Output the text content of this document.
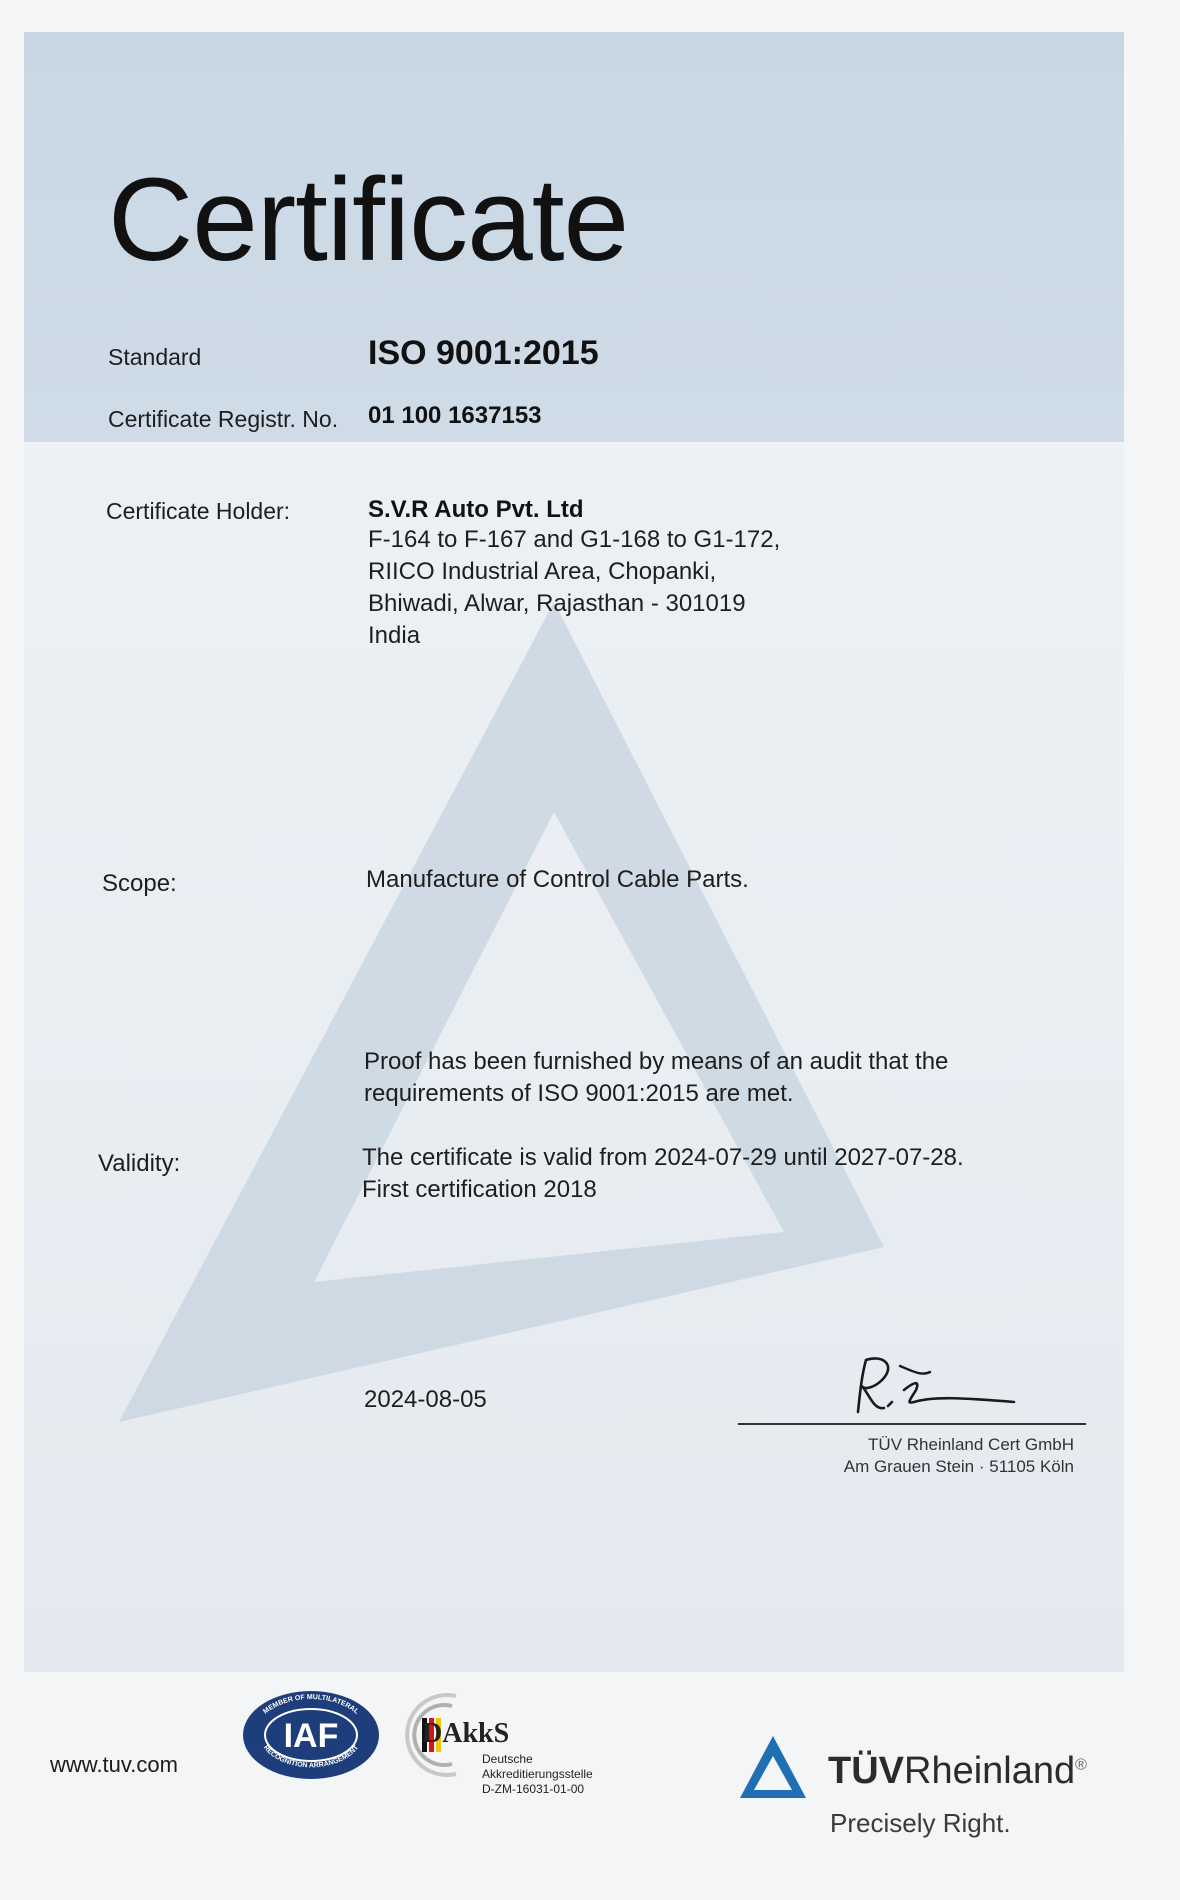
Certificate
Standard	ISO 9001:2015
Certificate Registr. No. 01 100 1637153
Certificate Holder:	S.V.R Auto Pvt. Ltd
F-164 to F-167 and G1-168 to G1-172,
RIICO Industrial Area, Chopanki,
Bhiwadi, Alwar, Rajasthan - 301019
India
Scope:	Manufacture of Control Cable Parts.
Proof has been furnished by means of an audit that the
requirements of ISO 9001:2015 are met.
Validity:	The certificate is valid from 2024-07-29 until 2027-07-28.
First certification 2018
2024-08-05
TÜV Rheinland Cert GmbH
Am Grauen Stein · 51105 Köln
www.tuv.com
MEMBER OF MULTILATERAL
RECOGNITION ARRANGEMENT
IAF	DAkkS
Deutsche
Akkreditierungsstelle
D-ZM-16031-01-00	TÜVRheinland®
Precisely Right.
